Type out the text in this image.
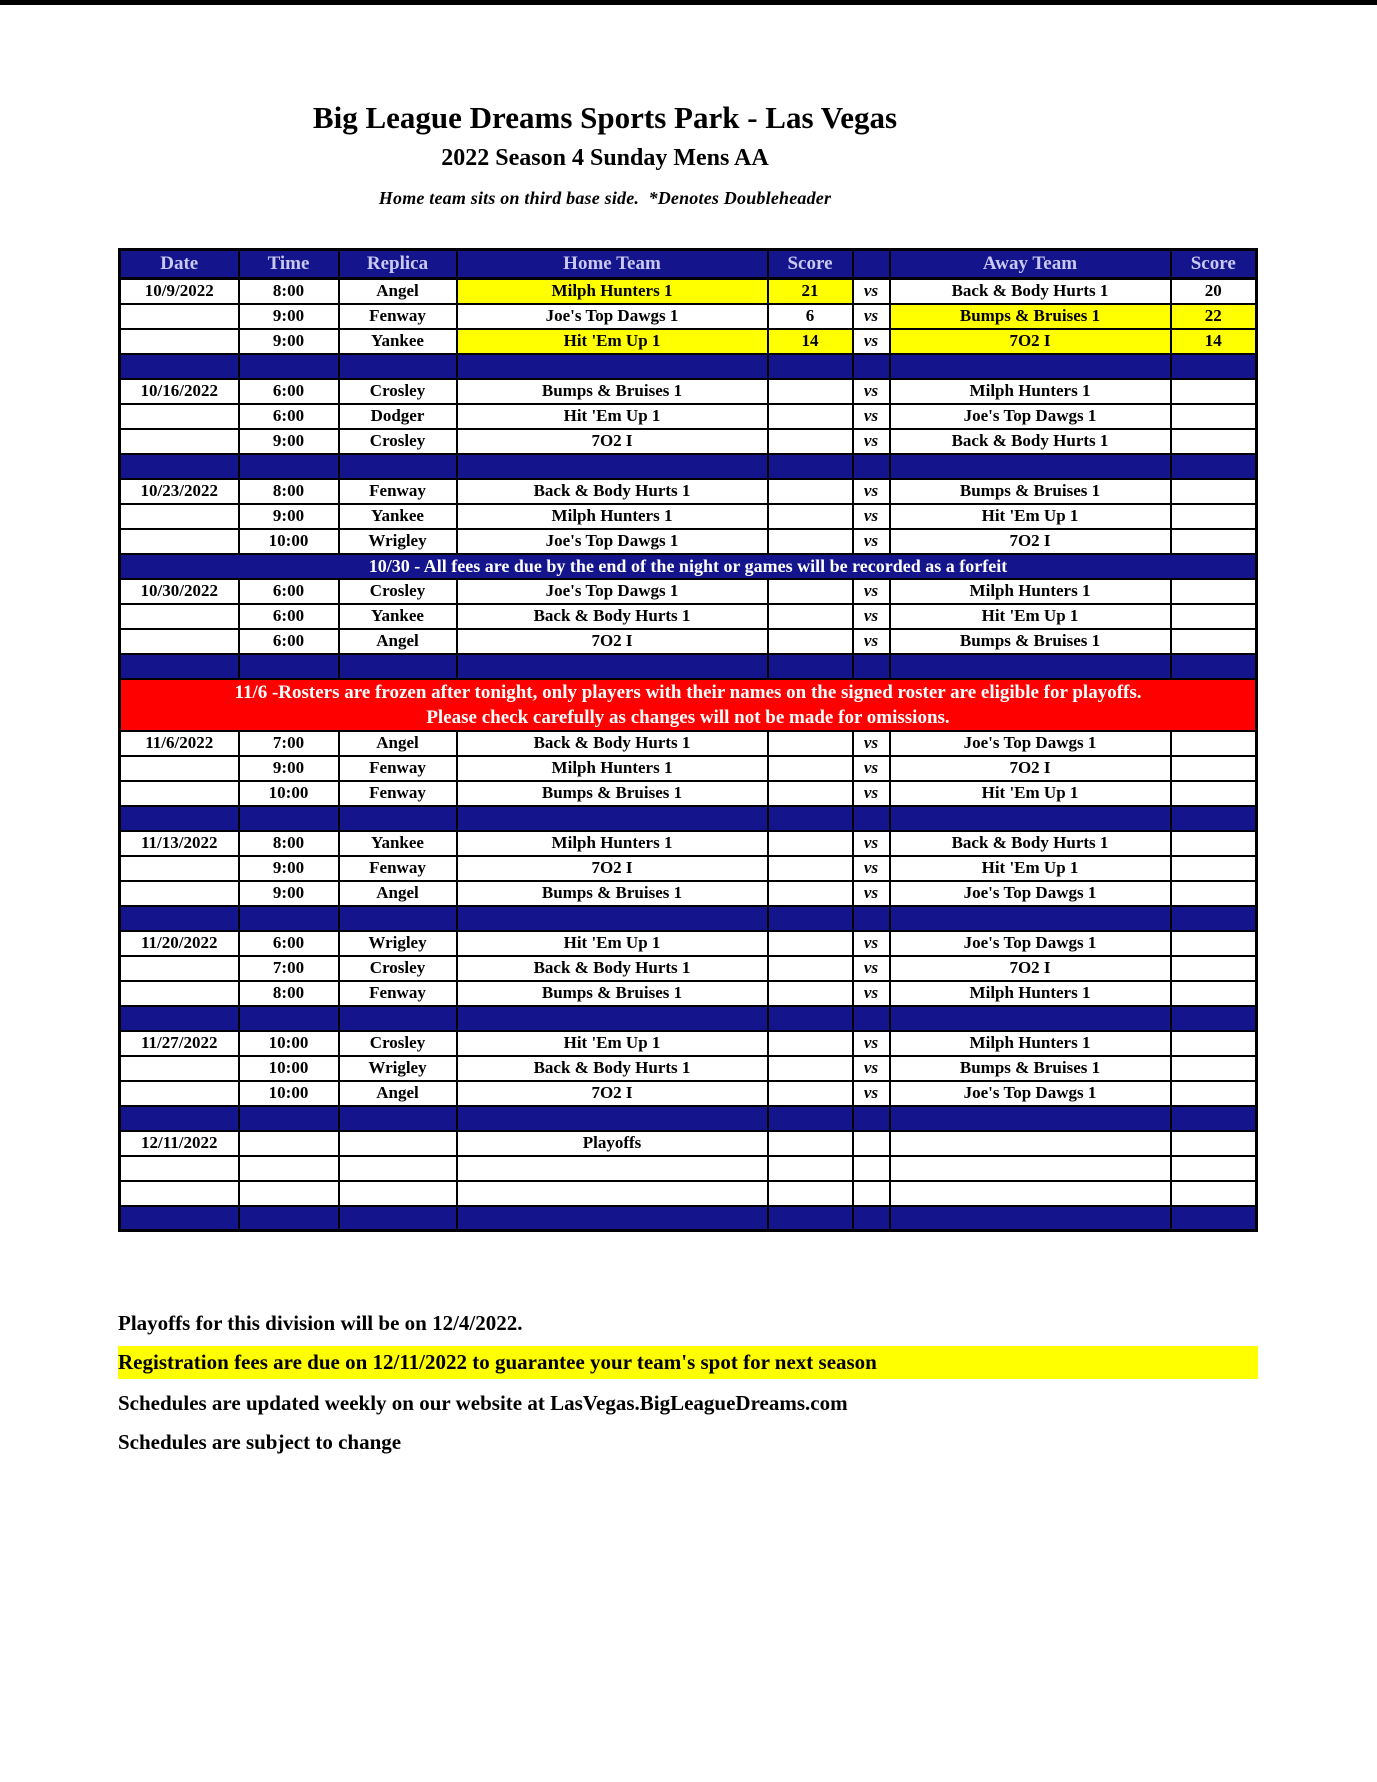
Big League Dreams Sports Park - Las Vegas
2022 Season 4 Sunday Mens AA
Home team sits on third base side.  *Denotes Doubleheader
Date	Time	Replica	Home Team	Score		Away Team	Score
10/9/2022	8:00	Angel	Milph Hunters 1	21	vs	Back & Body Hurts 1	20
	9:00	Fenway	Joe's Top Dawgs 1	6	vs	Bumps & Bruises 1	22
	9:00	Yankee	Hit 'Em Up 1	14	vs	7O2 I	14

10/16/2022	6:00	Crosley	Bumps & Bruises 1		vs	Milph Hunters 1	
	6:00	Dodger	Hit 'Em Up 1		vs	Joe's Top Dawgs 1	
	9:00	Crosley	7O2 I		vs	Back & Body Hurts 1	

10/23/2022	8:00	Fenway	Back & Body Hurts 1		vs	Bumps & Bruises 1	
	9:00	Yankee	Milph Hunters 1		vs	Hit 'Em Up 1	
	10:00	Wrigley	Joe's Top Dawgs 1		vs	7O2 I	

10/30 - All fees are due by the end of the night or games will be recorded as a forfeit							

10/30/2022	6:00	Crosley	Joe's Top Dawgs 1		vs	Milph Hunters 1	
	6:00	Yankee	Back & Body Hurts 1		vs	Hit 'Em Up 1	
	6:00	Angel	7O2 I		vs	Bumps & Bruises 1	

11/6 -Rosters are frozen after tonight, only players with their names on the signed roster are eligible for playoffs.
Please check carefully as changes will not be made for omissions.							

11/6/2022	7:00	Angel	Back & Body Hurts 1		vs	Joe's Top Dawgs 1	
	9:00	Fenway	Milph Hunters 1		vs	7O2 I	
	10:00	Fenway	Bumps & Bruises 1		vs	Hit 'Em Up 1	

11/13/2022	8:00	Yankee	Milph Hunters 1		vs	Back & Body Hurts 1	
	9:00	Fenway	7O2 I		vs	Hit 'Em Up 1	
	9:00	Angel	Bumps & Bruises 1		vs	Joe's Top Dawgs 1	

11/20/2022	6:00	Wrigley	Hit 'Em Up 1		vs	Joe's Top Dawgs 1	
	7:00	Crosley	Back & Body Hurts 1		vs	7O2 I	
	8:00	Fenway	Bumps & Bruises 1		vs	Milph Hunters 1	

11/27/2022	10:00	Crosley	Hit 'Em Up 1		vs	Milph Hunters 1	
	10:00	Wrigley	Back & Body Hurts 1		vs	Bumps & Bruises 1	
	10:00	Angel	7O2 I		vs	Joe's Top Dawgs 1	

12/11/2022			Playoffs				

Playoffs for this division will be on 12/4/2022.
Registration fees are due on 12/11/2022 to guarantee your team's spot for next season
Schedules are updated weekly on our website at LasVegas.BigLeagueDreams.com
Schedules are subject to change
